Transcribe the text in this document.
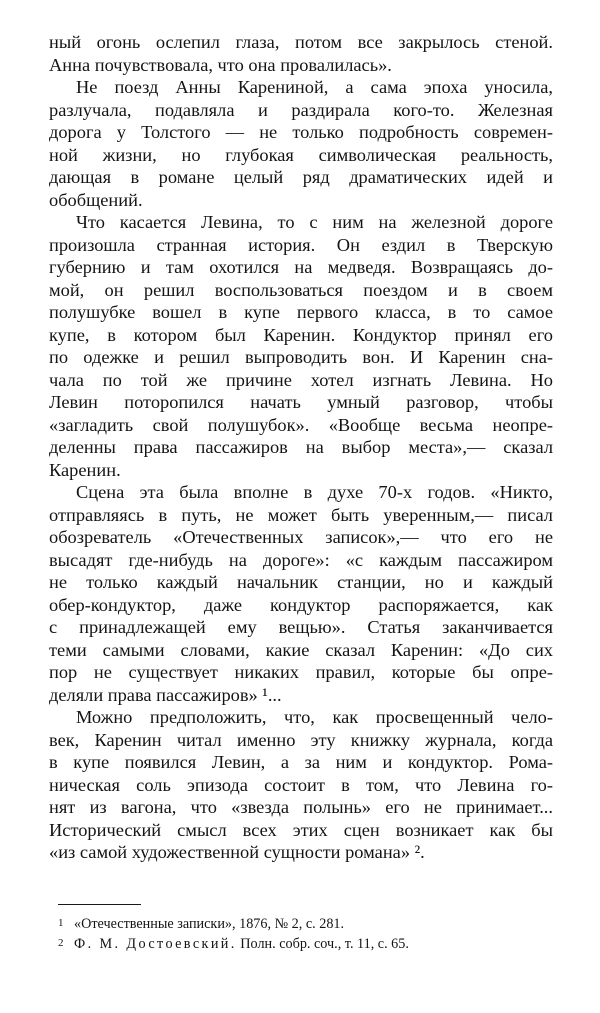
ный огонь ослепил глаза, потом все закрылось стеной.
Анна почувствовала, что она провалилась».
Не поезд Анны Карениной, а сама эпоха уносила,
разлучала, подавляла и раздирала кого-то. Железная
дорога у Толстого — не только подробность современ-
ной жизни, но глубокая символическая реальность,
дающая в романе целый ряд драматических идей и
обобщений.
Что касается Левина, то с ним на железной дороге
произошла странная история. Он ездил в Тверскую
губернию и там охотился на медведя. Возвращаясь до-
мой, он решил воспользоваться поездом и в своем
полушубке вошел в купе первого класса, в то самое
купе, в котором был Каренин. Кондуктор принял его
по одежке и решил выпроводить вон. И Каренин сна-
чала по той же причине хотел изгнать Левина. Но
Левин поторопился начать умный разговор, чтобы
«загладить свой полушубок». «Вообще весьма неопре-
деленны права пассажиров на выбор места»,— сказал
Каренин.
Сцена эта была вполне в духе 70-х годов. «Никто,
отправляясь в путь, не может быть уверенным,— писал
обозреватель «Отечественных записок»,— что его не
высадят где-нибудь на дороге»: «с каждым пассажиром
не только каждый начальник станции, но и каждый
обер-кондуктор, даже кондуктор распоряжается, как
с принадлежащей ему вещью». Статья заканчивается
теми самыми словами, какие сказал Каренин: «До сих
пор не существует никаких правил, которые бы опре-
деляли права пассажиров» ¹...
Можно предположить, что, как просвещенный чело-
век, Каренин читал именно эту книжку журнала, когда
в купе появился Левин, а за ним и кондуктор. Рома-
ническая соль эпизода состоит в том, что Левина го-
нят из вагона, что «звезда полынь» его не принимает...
Исторический смысл всех этих сцен возникает как бы
«из самой художественной сущности романа» ².
1 «Отечественные записки», 1876, № 2, с. 281.
2 Ф. М. Достоевский. Полн. собр. соч., т. 11, с. 65.
